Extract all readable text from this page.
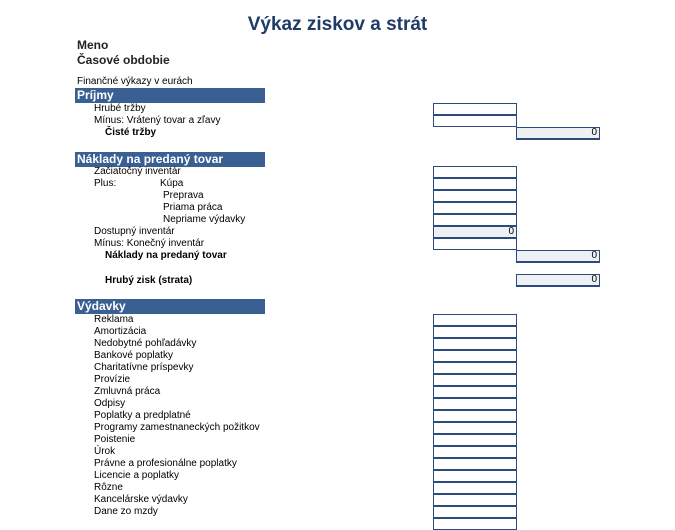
Výkaz ziskov a strát
Meno
Časové obdobie
Finančné výkazy v eurách
Príjmy
Hrubé tržby
Mínus: Vrátený tovar a zľavy
Čisté tržby	0
Náklady na predaný tovar
Začiatočný inventár
Plus:	Kúpa
Preprava
Priama práca
Nepriame výdavky
Dostupný inventár	0
Mínus: Konečný inventár
Náklady na predaný tovar	0
Hrubý zisk (strata)	0
Výdavky
Reklama
Amortizácia
Nedobytné pohľadávky
Bankové poplatky
Charitatívne príspevky
Provízie
Zmluvná práca
Odpisy
Poplatky a predplatné
Programy zamestnaneckých požitkov
Poistenie
Úrok
Právne a profesionálne poplatky
Licencie a poplatky
Rôzne
Kancelárske výdavky
Dane zo mzdy
